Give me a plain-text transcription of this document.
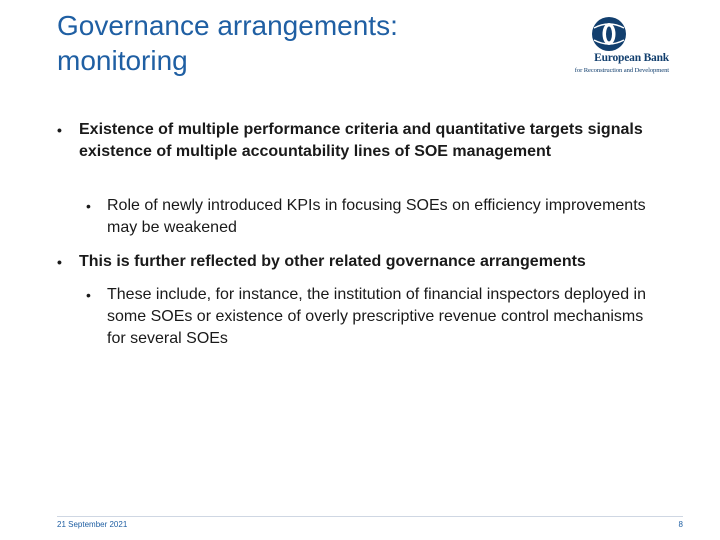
Governance arrangements:
monitoring	European Bank
for Reconstruction and Development
•	Existence of multiple performance criteria and quantitative targets signals existence of multiple accountability lines of SOE management
•	Role of newly introduced KPIs in focusing SOEs on efficiency improvements may be weakened
•	This is further reflected by other related governance arrangements
•	These include, for instance, the institution of financial inspectors deployed in some SOEs or existence of overly prescriptive revenue control mechanisms for several SOEs
21 September 2021	8
